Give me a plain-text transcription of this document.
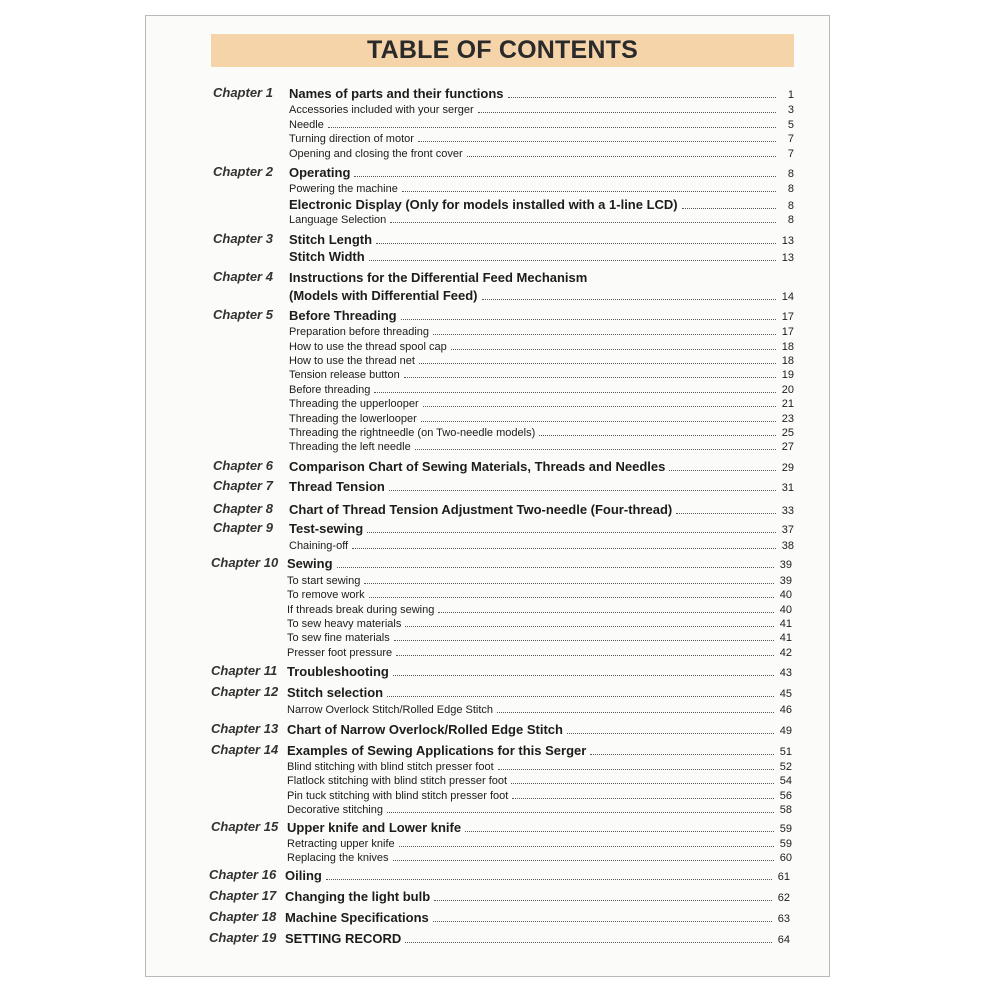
TABLE OF CONTENTS
Chapter 1	Names of parts and their functions	1
Accessories included with your serger	3
Needle	5
Turning direction of motor	7
Opening and closing the front cover	7
Chapter 2	Operating	8
Powering the machine	8
Electronic Display (Only for models installed with a 1-line LCD)	8
Language Selection	8
Chapter 3	Stitch Length	13
Stitch Width	13
Chapter 4	Instructions for the Differential Feed Mechanism
(Models with Differential Feed)	14
Chapter 5	Before Threading	17
Preparation before threading	17
How to use the thread spool cap	18
How to use the thread net	18
Tension release button	19
Before threading	20
Threading the upperlooper	21
Threading the lowerlooper	23
Threading the rightneedle (on Two-needle models)	25
Threading the left needle	27
Chapter 6	Comparison Chart of Sewing Materials, Threads and Needles	29
Chapter 7	Thread Tension	31
Chapter 8	Chart of Thread Tension Adjustment Two-needle (Four-thread)	33
Chapter 9	Test-sewing	37
Chaining-off	38
Chapter 10 Sewing	39
To start sewing	39
To remove work	40
If threads break during sewing	40
To sew heavy materials	41
To sew fine materials	41
Presser foot pressure	42
Chapter 11 Troubleshooting	43
Chapter 12 Stitch selection	45
Narrow Overlock Stitch/Rolled Edge Stitch	46
Chapter 13 Chart of Narrow Overlock/Rolled Edge Stitch	49
Chapter 14 Examples of Sewing Applications for this Serger	51
Blind stitching with blind stitch presser foot	52
Flatlock stitching with blind stitch presser foot	54
Pin tuck stitching with blind stitch presser foot	56
Decorative stitching	58
Chapter 15 Upper knife and Lower knife	59
Retracting upper knife	59
Replacing the knives	60
Chapter 16 Oiling	61
Chapter 17 Changing the light bulb	62
Chapter 18 Machine Specifications	63
Chapter 19 SETTING RECORD	64
